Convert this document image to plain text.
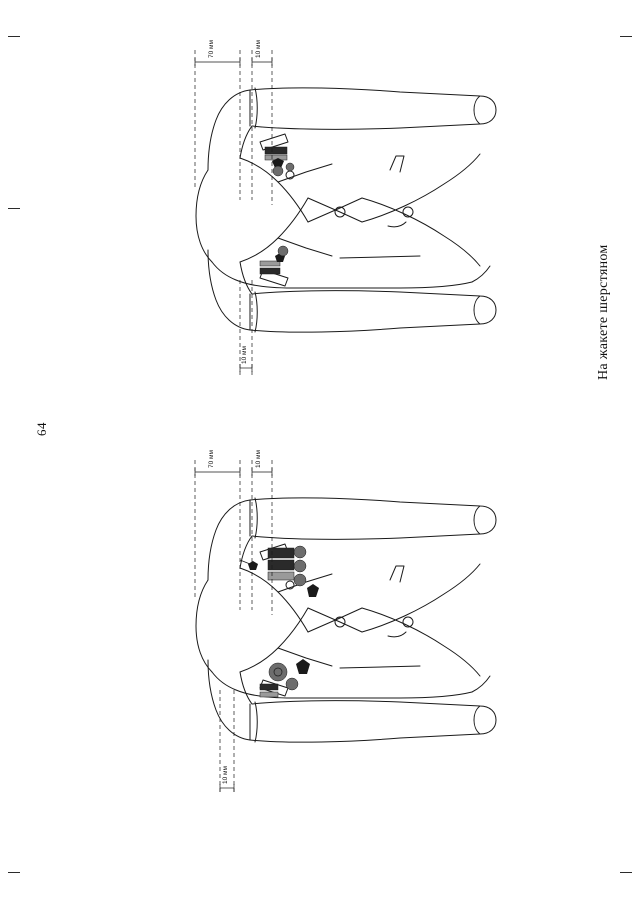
64
На жакете шерстяном
70 мм	10 мм
10 мм
70 мм	10 мм
10 мм
